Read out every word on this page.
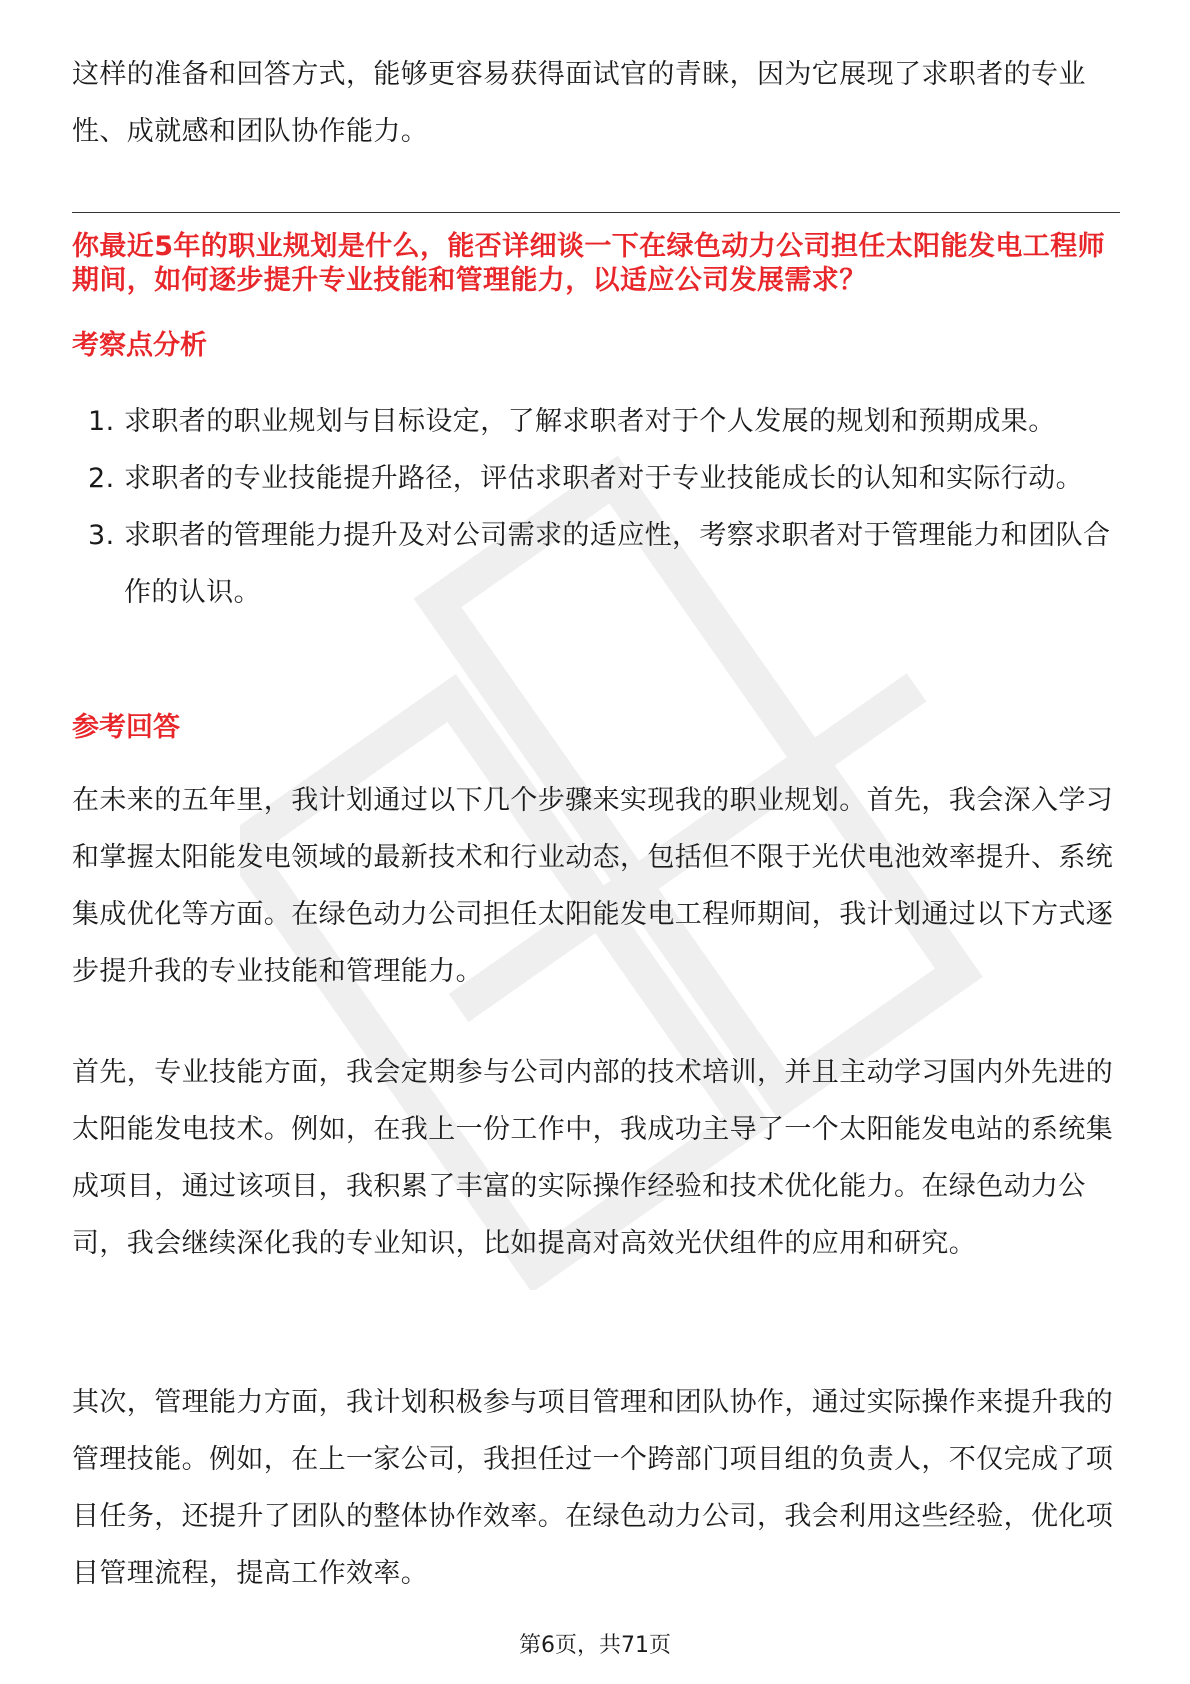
这样的准备和回答方式，能够更容易获得面试官的青睐，因为它展现了求职者的专业性、成就感和团队协作能力。

你最近5年的职业规划是什么，能否详细谈一下在绿色动力公司担任太阳能发电工程师期间，如何逐步提升专业技能和管理能力，以适应公司发展需求？

考察点分析
1. 求职者的职业规划与目标设定，了解求职者对于个人发展的规划和预期成果。
2. 求职者的专业技能提升路径，评估求职者对于专业技能成长的认知和实际行动。
3. 求职者的管理能力提升及对公司需求的适应性，考察求职者对于管理能力和团队合作的认识。
参考回答

在未来的五年里，我计划通过以下几个步骤来实现我的职业规划。首先，我会深入学习和掌握太阳能发电领域的最新技术和行业动态，包括但不限于光伏电池效率提升、系统集成优化等方面。在绿色动力公司担任太阳能发电工程师期间，我计划通过以下方式逐步提升我的专业技能和管理能力。

首先，专业技能方面，我会定期参与公司内部的技术培训，并且主动学习国内外先进的太阳能发电技术。例如，在我上一份工作中，我成功主导了一个太阳能发电站的系统集成项目，通过该项目，我积累了丰富的实际操作经验和技术优化能力。在绿色动力公司，我会继续深化我的专业知识，比如提高对高效光伏组件的应用和研究。

其次，管理能力方面，我计划积极参与项目管理和团队协作，通过实际操作来提升我的管理技能。例如，在上一家公司，我担任过一个跨部门项目组的负责人，不仅完成了项目任务，还提升了团队的整体协作效率。在绿色动力公司，我会利用这些经验，优化项目管理流程，提高工作效率。

第6页，共71页
